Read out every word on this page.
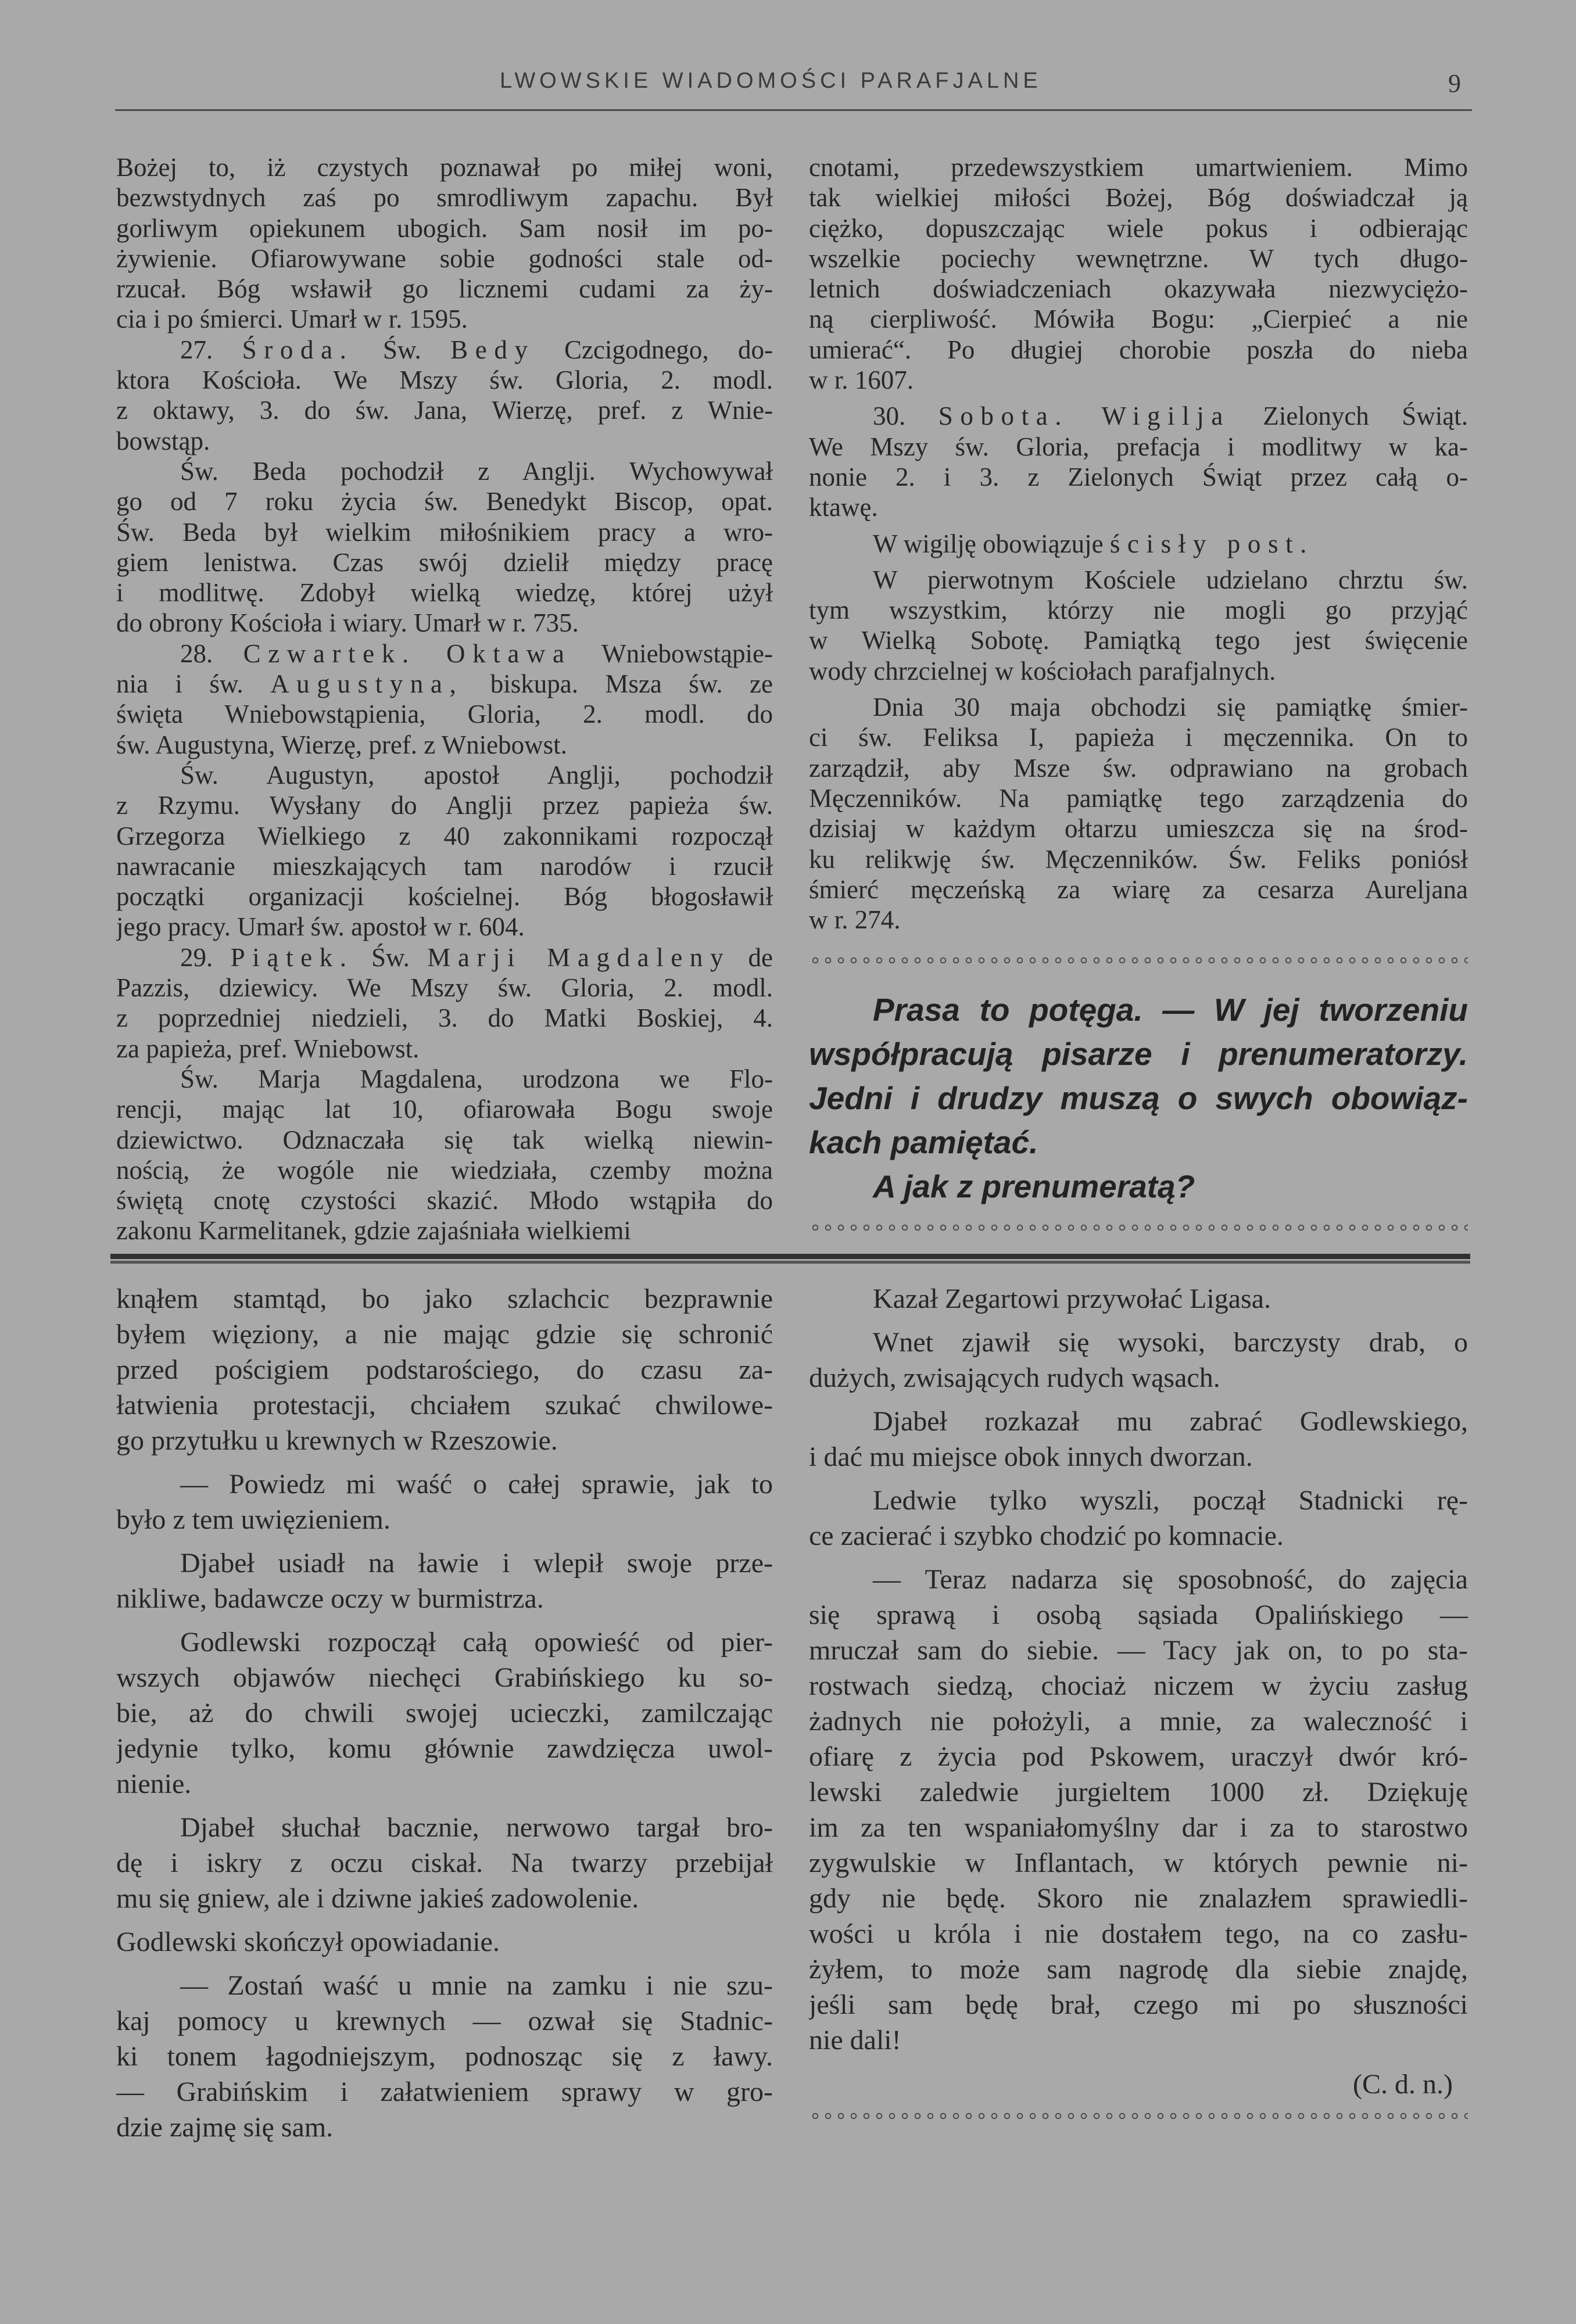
LWOWSKIE WIADOMOŚCI PARAFJALNE	9
Bożej to, iż czystych poznawał po miłej woni,
bezwstydnych zaś po smrodliwym zapachu. Był
gorliwym opiekunem ubogich. Sam nosił im po-
żywienie. Ofiarowywane sobie godności stale od-
rzucał. Bóg wsławił go licznemi cudami za ży-
cia i po śmierci. Umarł w r. 1595.
27. Środa. Św. Bedy Czcigodnego, do-
ktora Kościoła. We Mszy św. Gloria, 2. modl.
z oktawy, 3. do św. Jana, Wierzę, pref. z Wnie-
bowstąp.
Św. Beda pochodził z Anglji. Wychowywał
go od 7 roku życia św. Benedykt Biscop, opat.
Św. Beda był wielkim miłośnikiem pracy a wro-
giem lenistwa. Czas swój dzielił między pracę
i modlitwę. Zdobył wielką wiedzę, której użył
do obrony Kościoła i wiary. Umarł w r. 735.
28. Czwartek. Oktawa Wniebowstąpie-
nia i św. Augustyna, biskupa. Msza św. ze
święta Wniebowstąpienia, Gloria, 2. modl. do
św. Augustyna, Wierzę, pref. z Wniebowst.
Św. Augustyn, apostoł Anglji, pochodził
z Rzymu. Wysłany do Anglji przez papieża św.
Grzegorza Wielkiego z 40 zakonnikami rozpoczął
nawracanie mieszkających tam narodów i rzucił
początki organizacji kościelnej. Bóg błogosławił
jego pracy. Umarł św. apostoł w r. 604.
29. Piątek. Św. Marji Magdaleny de
Pazzis, dziewicy. We Mszy św. Gloria, 2. modl.
z poprzedniej niedzieli, 3. do Matki Boskiej, 4.
za papieża, pref. Wniebowst.
Św. Marja Magdalena, urodzona we Flo-
rencji, mając lat 10, ofiarowała Bogu swoje
dziewictwo. Odznaczała się tak wielką niewin-
nością, że wogóle nie wiedziała, czemby można
świętą cnotę czystości skazić. Młodo wstąpiła do
zakonu Karmelitanek, gdzie zajaśniała wielkiemi
cnotami, przedewszystkiem umartwieniem. Mimo
tak wielkiej miłości Bożej, Bóg doświadczał ją
ciężko, dopuszczając wiele pokus i odbierając
wszelkie pociechy wewnętrzne. W tych długo-
letnich doświadczeniach okazywała niezwyciężo-
ną cierpliwość. Mówiła Bogu: „Cierpieć a nie
umierać“. Po długiej chorobie poszła do nieba
w r. 1607.
30. Sobota. Wigilja Zielonych Świąt.
We Mszy św. Gloria, prefacja i modlitwy w ka-
nonie 2. i 3. z Zielonych Świąt przez całą o-
ktawę.
W wigilję obowiązuje ścisły post.
W pierwotnym Kościele udzielano chrztu św.
tym wszystkim, którzy nie mogli go przyjąć
w Wielką Sobotę. Pamiątką tego jest święcenie
wody chrzcielnej w kościołach parafjalnych.
Dnia 30 maja obchodzi się pamiątkę śmier-
ci św. Feliksa I, papieża i męczennika. On to
zarządził, aby Msze św. odprawiano na grobach
Męczenników. Na pamiątkę tego zarządzenia do
dzisiaj w każdym ołtarzu umieszcza się na środ-
ku relikwję św. Męczenników. Św. Feliks poniósł
śmierć męczeńską za wiarę za cesarza Aureljana
w r. 274.
Prasa to potęga. — W jej tworzeniu
współpracują pisarze i prenumeratorzy.
Jedni i drudzy muszą o swych obowiąz-
kach pamiętać.
A jak z prenumeratą?
knąłem stamtąd, bo jako szlachcic bezprawnie
byłem więziony, a nie mając gdzie się schronić
przed pościgiem podstarościego, do czasu za-
łatwienia protestacji, chciałem szukać chwilowe-
go przytułku u krewnych w Rzeszowie.
— Powiedz mi waść o całej sprawie, jak to
było z tem uwięzieniem.
Djabeł usiadł na ławie i wlepił swoje prze-
nikliwe, badawcze oczy w burmistrza.
Godlewski rozpoczął całą opowieść od pier-
wszych objawów niechęci Grabińskiego ku so-
bie, aż do chwili swojej ucieczki, zamilczając
jedynie tylko, komu głównie zawdzięcza uwol-
nienie.
Djabeł słuchał bacznie, nerwowo targał bro-
dę i iskry z oczu ciskał. Na twarzy przebijał
mu się gniew, ale i dziwne jakieś zadowolenie.
Godlewski skończył opowiadanie.
— Zostań waść u mnie na zamku i nie szu-
kaj pomocy u krewnych — ozwał się Stadnic-
ki tonem łagodniejszym, podnosząc się z ławy.
— Grabińskim i załatwieniem sprawy w gro-
dzie zajmę się sam.
Kazał Zegartowi przywołać Ligasa.
Wnet zjawił się wysoki, barczysty drab, o
dużych, zwisających rudych wąsach.
Djabeł rozkazał mu zabrać Godlewskiego,
i dać mu miejsce obok innych dworzan.
Ledwie tylko wyszli, począł Stadnicki rę-
ce zacierać i szybko chodzić po komnacie.
— Teraz nadarza się sposobność, do zajęcia
się sprawą i osobą sąsiada Opalińskiego —
mruczał sam do siebie. — Tacy jak on, to po sta-
rostwach siedzą, chociaż niczem w życiu zasług
żadnych nie położyli, a mnie, za waleczność i
ofiarę z życia pod Pskowem, uraczył dwór kró-
lewski zaledwie jurgieltem 1000 zł. Dziękuję
im za ten wspaniałomyślny dar i za to starostwo
zygwulskie w Inflantach, w których pewnie ni-
gdy nie będę. Skoro nie znalazłem sprawiedli-
wości u króla i nie dostałem tego, na co zasłu-
żyłem, to może sam nagrodę dla siebie znajdę,
jeśli sam będę brał, czego mi po słuszności
nie dali!
(C. d. n.)
